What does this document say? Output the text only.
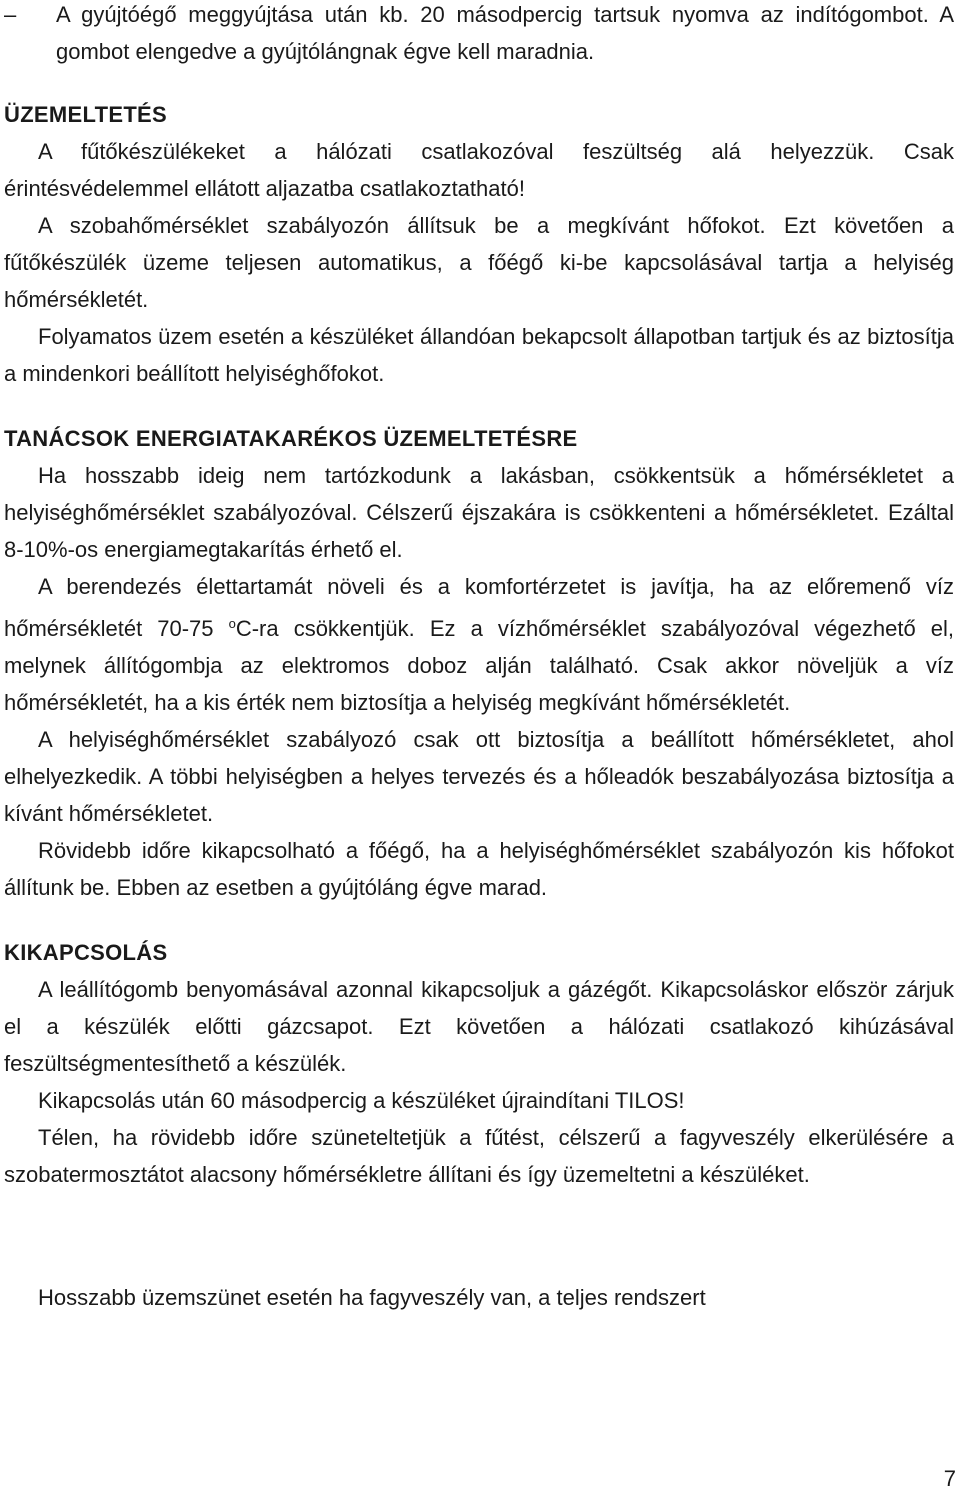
–	A gyújtóégő meggyújtása után kb. 20 másodpercig tartsuk nyomva az indítógombot. A gombot elengedve a gyújtólángnak égve kell maradnia.

ÜZEMELTETÉS

A fűtőkészülékeket a hálózati csatlakozóval feszültség alá helyezzük. Csak érintésvédelemmel ellátott aljazatba csatlakoztatható!

A szobahőmérséklet szabályozón állítsuk be a megkívánt hőfokot. Ezt követően a fűtőkészülék üzeme teljesen automatikus, a főégő ki-be kapcsolásával tartja a helyiség hőmérsékletét.

Folyamatos üzem esetén a készüléket állandóan bekapcsolt állapotban tartjuk és az biztosítja a mindenkori beállított helyiséghőfokot.

TANÁCSOK ENERGIATAKARÉKOS ÜZEMELTETÉSRE

Ha hosszabb ideig nem tartózkodunk a lakásban, csökkentsük a hőmérsékletet a helyiséghőmérséklet szabályozóval. Célszerű éjszakára is csökkenteni a hőmérsékletet. Ezáltal 8-10%-os energiamegtakarítás érhető el.

A berendezés élettartamát növeli és a komfortérzetet is javítja, ha az előremenő víz hőmérsékletét 70-75 $^o$C-ra csökkentjük. Ez a vízhőmérséklet szabályozóval végezhető el, melynek állítógombja az elektromos doboz alján található. Csak akkor növeljük a víz hőmérsékletét, ha a kis érték nem biztosítja a helyiség megkívánt hőmérsékletét.

A helyiséghőmérséklet szabályozó csak ott biztosítja a beállított hőmérsékletet, ahol elhelyezkedik. A többi helyiségben a helyes tervezés és a hőleadók beszabályozása biztosítja a kívánt hőmérsékletet.

Rövidebb időre kikapcsolható a főégő, ha a helyiséghőmérséklet szabályozón kis hőfokot állítunk be. Ebben az esetben a gyújtóláng égve marad.

KIKAPCSOLÁS

A leállítógomb benyomásával azonnal kikapcsoljuk a gázégőt. Kikapcsoláskor először zárjuk el a készülék előtti gázcsapot. Ezt követően a hálózati csatlakozó kihúzásával feszültségmentesíthető a készülék.

Kikapcsolás után 60 másodpercig a készüléket újraindítani TILOS!

Télen, ha rövidebb időre szüneteltetjük a fűtést, célszerű a fagyveszély elkerülésére a szobatermosztátot alacsony hőmérsékletre állítani és így üzemeltetni a készüléket.

Hosszabb üzemszünet esetén ha fagyveszély van, a teljes rendszert

7
